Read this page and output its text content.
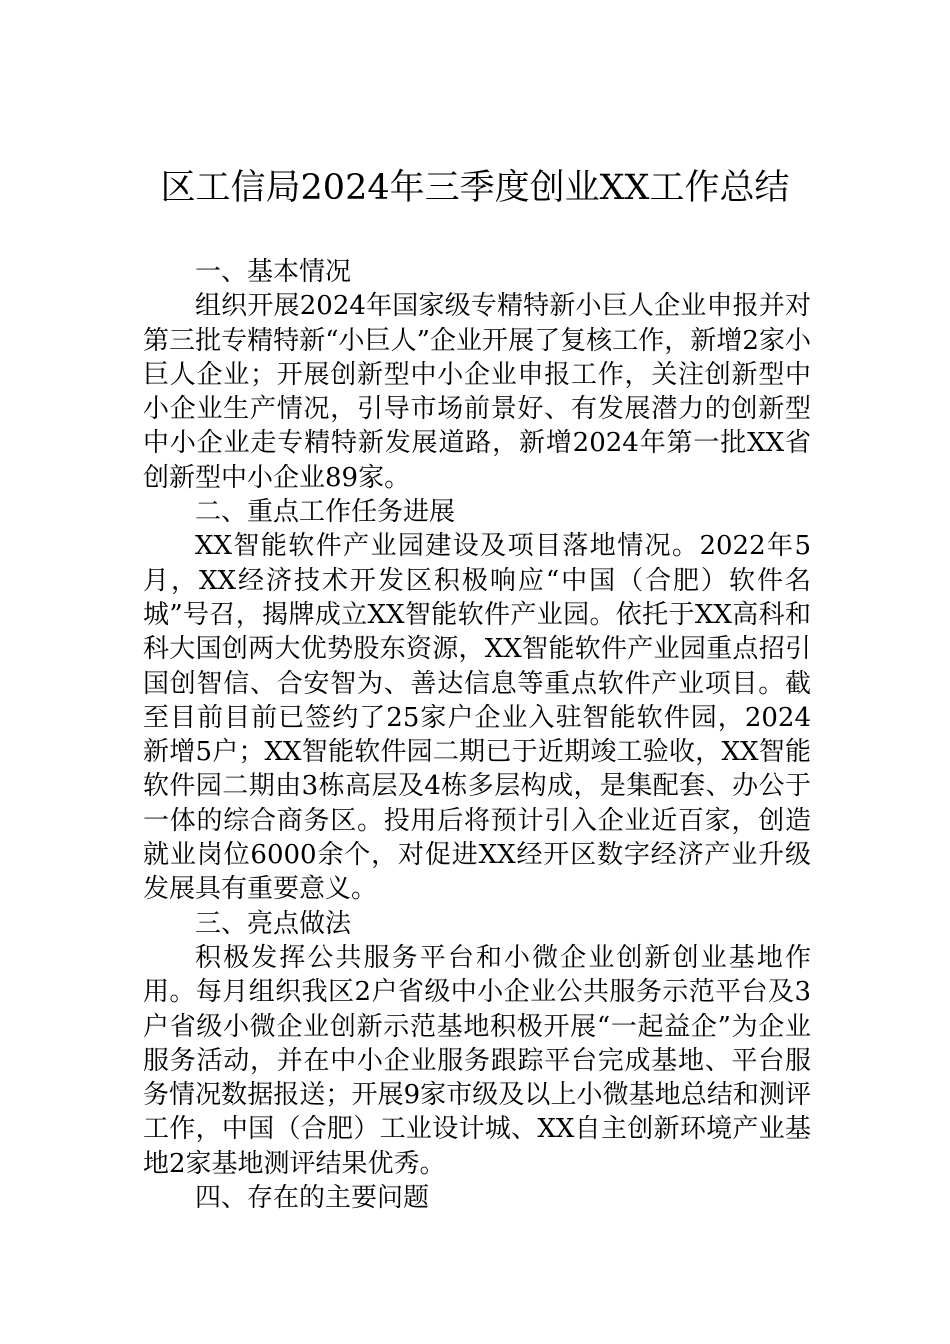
区工信局2024年三季度创业XX工作总结

一、基本情况

组织开展2024年国家级专精特新小巨人企业申报并对第三批专精特新“小巨人”企业开展了复核工作，新增2家小巨人企业；开展创新型中小企业申报工作，关注创新型中小企业生产情况，引导市场前景好、有发展潜力的创新型中小企业走专精特新发展道路，新增2024年第一批XX省创新型中小企业89家。

二、重点工作任务进展

XX智能软件产业园建设及项目落地情况。2022年5月，XX经济技术开发区积极响应“中国（合肥）软件名城”号召，揭牌成立XX智能软件产业园。依托于XX高科和科大国创两大优势股东资源，XX智能软件产业园重点招引国创智信、合安智为、善达信息等重点软件产业项目。截至目前目前已签约了25家户企业入驻智能软件园，2024新增5户；XX智能软件园二期已于近期竣工验收，XX智能软件园二期由3栋高层及4栋多层构成，是集配套、办公于一体的综合商务区。投用后将预计引入企业近百家，创造就业岗位6000余个，对促进XX经开区数字经济产业升级发展具有重要意义。

三、亮点做法

积极发挥公共服务平台和小微企业创新创业基地作用。每月组织我区2户省级中小企业公共服务示范平台及3户省级小微企业创新示范基地积极开展“一起益企”为企业服务活动，并在中小企业服务跟踪平台完成基地、平台服务情况数据报送；开展9家市级及以上小微基地总结和测评工作，中国（合肥）工业设计城、XX自主创新环境产业基地2家基地测评结果优秀。

四、存在的主要问题
